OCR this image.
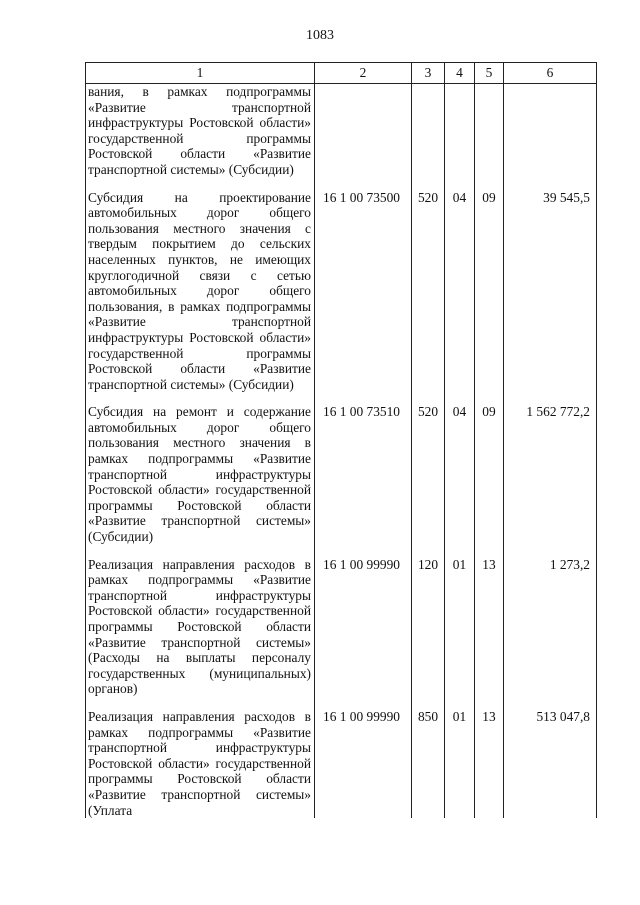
1083
1	2	3	4	5	6
вания, в рамках подпрограммы «Развитие транспортной инфраструктуры Ростовской области» государственной программы Ростовской области «Развитие транспортной системы» (Субсидии)					
Субсидия на проектирование автомобильных дорог общего пользования местного значения с твердым покрытием до сельских населенных пунктов, не имеющих круглогодичной связи с сетью автомобильных дорог общего пользования, в рамках подпрограммы «Развитие транспортной инфраструктуры Ростовской области» государственной программы Ростовской области «Развитие транспортной системы» (Субсидии)	16 1 00 73500	520	04	09	39 545,5
Субсидия на ремонт и содержание автомобильных дорог общего пользования местного значения в рамках подпрограммы «Развитие транспортной инфраструктуры Ростовской области» государственной программы Ростовской области «Развитие транспортной системы» (Субсидии)	16 1 00 73510	520	04	09	1 562 772,2
Реализация направления расходов в рамках подпрограммы «Развитие транспортной инфраструктуры Ростовской области» государственной программы Ростовской области «Развитие транспортной системы» (Расходы на выплаты персоналу государственных (муниципальных) органов)	16 1 00 99990	120	01	13	1 273,2
Реализация направления расходов в рамках подпрограммы «Развитие транспортной инфраструктуры Ростовской области» государственной программы Ростовской области «Развитие транспортной системы» (Уплата	16 1 00 99990	850	01	13	513 047,8
